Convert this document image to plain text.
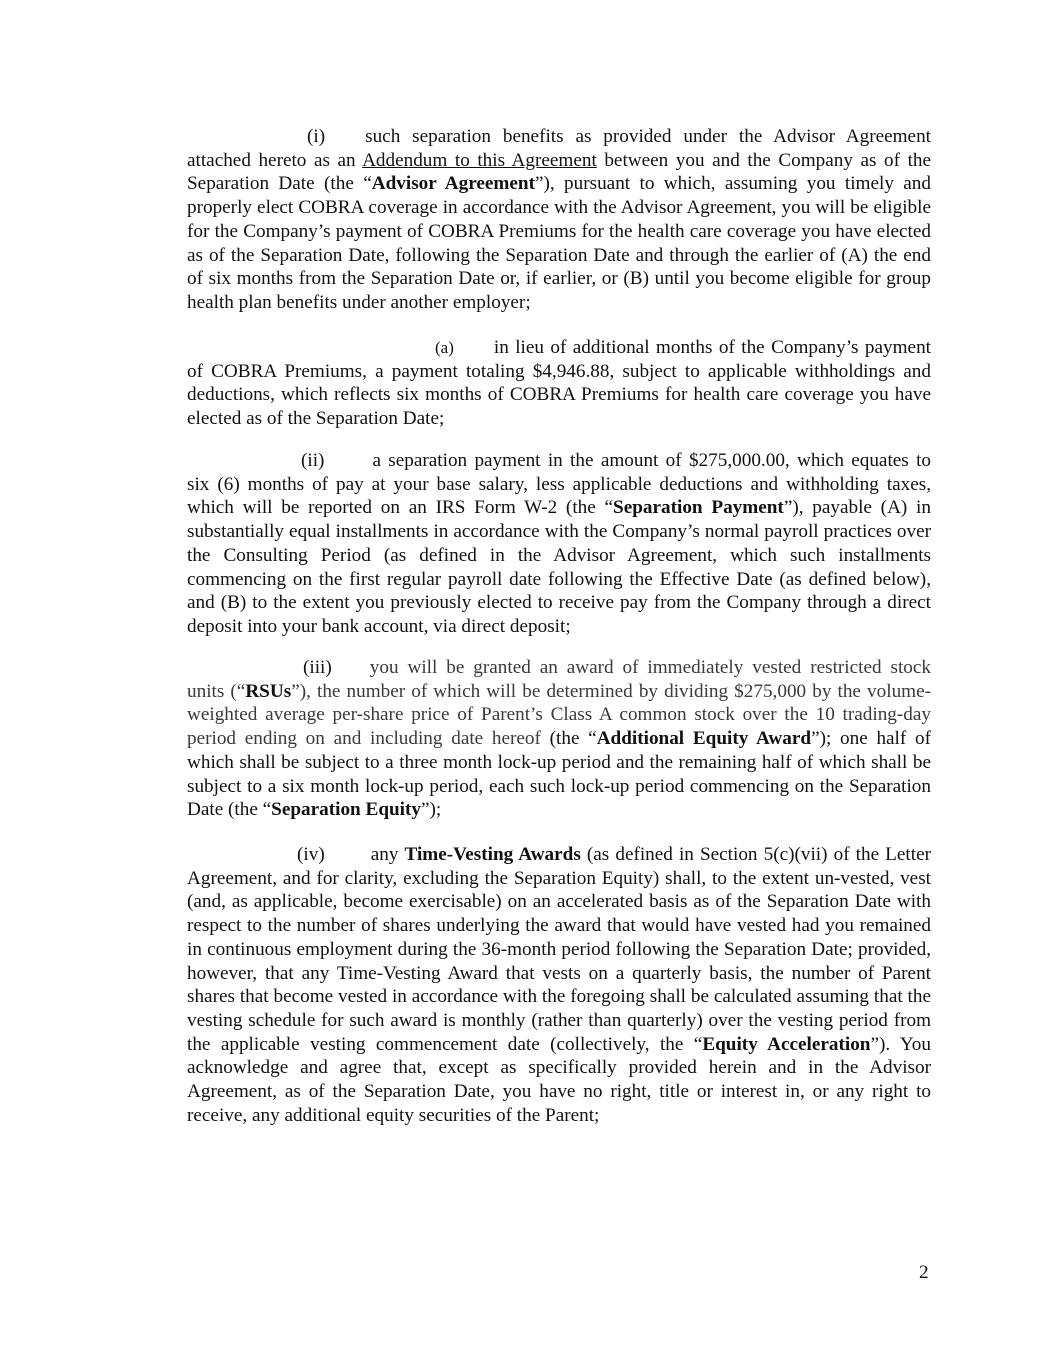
(i) such separation benefits as provided under the Advisor Agreement attached hereto as an Addendum to this Agreement between you and the Company as of the Separation Date (the “Advisor Agreement”), pursuant to which, assuming you timely and properly elect COBRA coverage in accordance with the Advisor Agreement, you will be eligible for the Company’s payment of COBRA Premiums for the health care coverage you have elected as of the Separation Date, following the Separation Date and through the earlier of (A) the end of six months from the Separation Date or, if earlier, or (B) until you become eligible for group health plan benefits under another employer;

(a) in lieu of additional months of the Company’s payment of COBRA Premiums, a payment totaling $4,946.88, subject to applicable withholdings and deductions, which reflects six months of COBRA Premiums for health care coverage you have elected as of the Separation Date;

(ii)	a separation payment in the amount of $275,000.00, which equates to six (6) months of pay at your base salary, less applicable deductions and withholding taxes, which will be reported on an IRS Form W-2 (the “Separation Payment”), payable (A) in substantially equal installments in accordance with the Company’s normal payroll practices over the Consulting Period (as defined in the Advisor Agreement, which such installments commencing on the first regular payroll date following the Effective Date (as defined below), and (B) to the extent you previously elected to receive pay from the Company through a direct deposit into your bank account, via direct deposit;

(iii) you will be granted an award of immediately vested restricted stock units (“RSUs”), the number of which will be determined by dividing $275,000 by the volume-weighted average per-share price of Parent’s Class A common stock over the 10 trading-day period ending on and including date hereof (the “Additional Equity Award”); one half of which shall be subject to a three month lock-up period and the remaining half of which shall be subject to a six month lock-up period, each such lock-up period commencing on the Separation Date (the “Separation Equity”);

(iv) any Time-Vesting Awards (as defined in Section 5(c)(vii) of the Letter Agreement, and for clarity, excluding the Separation Equity) shall, to the extent un-vested, vest (and, as applicable, become exercisable) on an accelerated basis as of the Separation Date with respect to the number of shares underlying the award that would have vested had you remained in continuous employment during the 36-month period following the Separation Date; provided, however, that any Time-Vesting Award that vests on a quarterly basis, the number of Parent shares that become vested in accordance with the foregoing shall be calculated assuming that the vesting schedule for such award is monthly (rather than quarterly) over the vesting period from the applicable vesting commencement date (collectively, the “Equity Acceleration”). You acknowledge and agree that, except as specifically provided herein and in the Advisor Agreement, as of the Separation Date, you have no right, title or interest in, or any right to receive, any additional equity securities of the Parent;

2
